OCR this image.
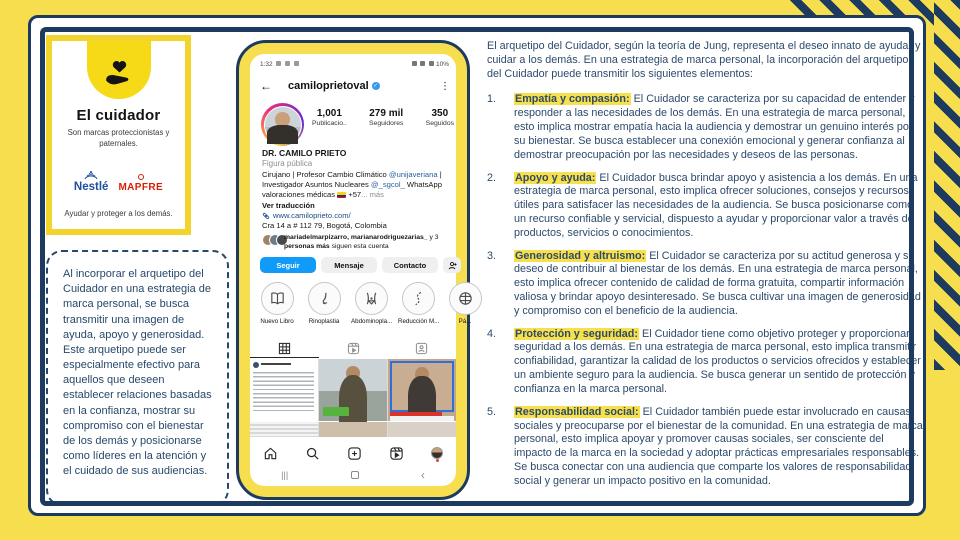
El cuidador
Son marcas proteccionistas y paternales.
Nestlé MAPFRE
Ayudar y proteger a los demás.
Al incorporar el arquetipo del Cuidador en una estrategia de marca personal, se busca transmitir una imagen de ayuda, apoyo y generosidad. Este arquetipo puede ser especialmente efectivo para aquellos que deseen establecer relaciones basadas en la confianza, mostrar su compromiso con el bienestar de los demás y posicionarse como líderes en la atención y el cuidado de sus audiencias.
1:32	10%
← camiloprietoval ✓	⋮
1,001
Publicacio..
279 mil
Seguidores
350
Seguidos
DR. CAMILO PRIETO
Figura pública
Cirujano | Profesor Cambio Climático @unijaveriana |
Investigador Asuntos Nucleares @_sgcol_ WhatsApp
valoraciones médicas  +57... más
Ver traducción
www.camiloprieto.com/
Cra 14 a # 112 79, Bogotá, Colombia
mariadelmarpizarro, marianarodriguezarias_ y 3
personas más siguen esta cuenta
Seguir	Mensaje	Contacto
Nuevo Libro	Rinoplastia	Abdominopla... Reducción M...	Pá...
|||	‹
El arquetipo del Cuidador, según la teoría de Jung, representa el deseo innato de ayudar y cuidar a los demás. En una estrategia de marca personal, la incorporación del arquetipo del Cuidador puede transmitir los siguientes elementos:
1.	Empatía y compasión: El Cuidador se caracteriza por su capacidad de entender y responder a las necesidades de los demás. En una estrategia de marca personal, esto implica mostrar empatía hacia la audiencia y demostrar un genuino interés por su bienestar. Se busca establecer una conexión emocional y generar confianza al demostrar preocupación por las necesidades y deseos de las personas.
2.	Apoyo y ayuda: El Cuidador busca brindar apoyo y asistencia a los demás. En una estrategia de marca personal, esto implica ofrecer soluciones, consejos y recursos útiles para satisfacer las necesidades de la audiencia. Se busca posicionarse como un recurso confiable y servicial, dispuesto a ayudar y proporcionar valor a través de productos, servicios o conocimientos.
3.	Generosidad y altruismo: El Cuidador se caracteriza por su actitud generosa y su deseo de contribuir al bienestar de los demás. En una estrategia de marca personal, esto implica ofrecer contenido de calidad de forma gratuita, compartir información valiosa y brindar apoyo desinteresado. Se busca cultivar una imagen de generosidad y compromiso con el beneficio de la audiencia.
4.	Protección y seguridad: El Cuidador tiene como objetivo proteger y proporcionar seguridad a los demás. En una estrategia de marca personal, esto implica transmitir confiabilidad, garantizar la calidad de los productos o servicios ofrecidos y establecer un ambiente seguro para la audiencia. Se busca generar un sentido de protección y confianza en la marca personal.
5.	Responsabilidad social: El Cuidador también puede estar involucrado en causas sociales y preocuparse por el bienestar de la comunidad. En una estrategia de marca personal, esto implica apoyar y promover causas sociales, ser consciente del impacto de la marca en la sociedad y adoptar prácticas empresariales responsables. Se busca conectar con una audiencia que comparte los valores de responsabilidad social y generar un impacto positivo en la comunidad.
